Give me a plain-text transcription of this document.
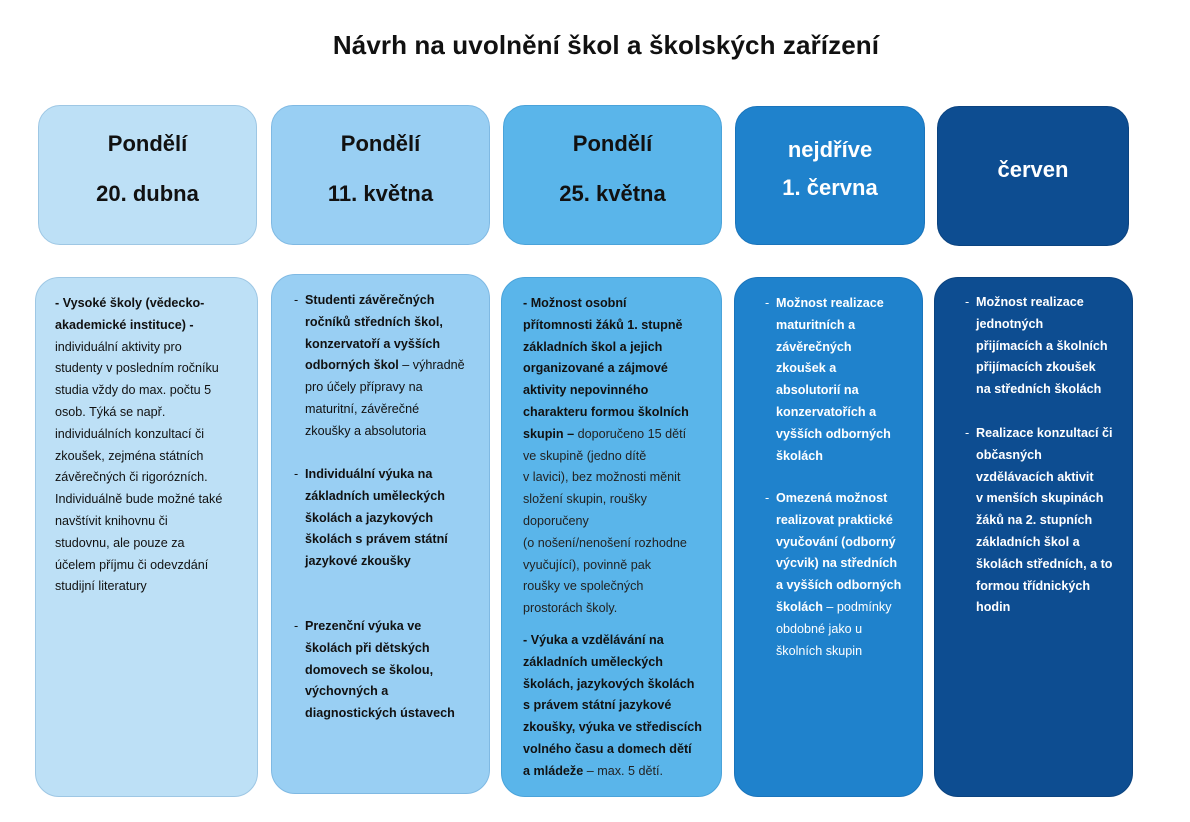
Návrh na uvolnění škol a školských zařízení
Pondělí
20. dubna
- Vysoké školy (vědecko-
akademické instituce) -
individuální aktivity pro
studenty v posledním ročníku
studia vždy do max. počtu 5
osob. Týká se např.
individuálních konzultací či
zkoušek, zejména státních
závěrečných či rigorózních.
Individuálně bude možné také
navštívit knihovnu či
studovnu, ale pouze za
účelem příjmu či odevzdání
studijní literatury
Pondělí
11. května
- Studenti závěrečných
ročníků středních škol,
konzervatoří a vyšších
odborných škol – výhradně
pro účely přípravy na
maturitní, závěrečné
zkoušky a absolutoria
- Individuální výuka na
základních uměleckých
školách a jazykových
školách s právem státní
jazykové zkoušky
- Prezenční výuka ve
školách při dětských
domovech se školou,
výchovných a
diagnostických ústavech
Pondělí
25. května
- Možnost osobní
přítomnosti žáků 1. stupně
základních škol a jejich
organizované a zájmové
aktivity nepovinného
charakteru formou školních
skupin – doporučeno 15 dětí
ve skupině (jedno dítě
v lavici), bez možnosti měnit
složení skupin, roušky
doporučeny
(o nošení/nenošení rozhodne
vyučující), povinně pak
roušky ve společných
prostorách školy.
- Výuka a vzdělávání na
základních uměleckých
školách, jazykových školách
s právem státní jazykové
zkoušky, výuka ve střediscích
volného času a domech dětí
a mládeže – max. 5 dětí.
nejdříve
1. června
- Možnost realizace
maturitních a
závěrečných
zkoušek a
absolutorií na
konzervatořích a
vyšších odborných
školách
- Omezená možnost
realizovat praktické
vyučování (odborný
výcvik) na středních
a vyšších odborných
školách – podmínky
obdobné jako u
školních skupin
červen
- Možnost realizace
jednotných
přijímacích a školních
přijímacích zkoušek
na středních školách
- Realizace konzultací či
občasných
vzdělávacích aktivit
v menších skupinách
žáků na 2. stupních
základních škol a
školách středních, a to
formou třídnických
hodin
